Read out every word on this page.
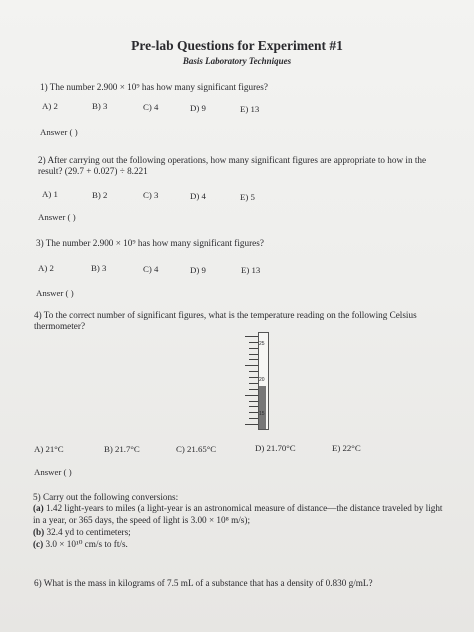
Pre-lab Questions for Experiment #1
Basis Laboratory Techniques
1) The number 2.900 × 10⁹ has how many significant figures?
A) 2	B) 3	C) 4	D) 9	E) 13
Answer ( )
2) After carrying out the following operations, how many significant figures are appropriate to how in the
result? (29.7 + 0.027) ÷ 8.221
A) 1	B) 2	C) 3	D) 4	E) 5
Answer ( )
3) The number 2.900 × 10⁹ has how many significant figures?
A) 2	B) 3	C) 4	D) 9	E) 13
Answer ( )
4) To the correct number of significant figures, what is the temperature reading on the following Celsius
thermometer?
25
20
15
A) 21°C	B) 21.7°C	C) 21.65°C	D) 21.70°C	E) 22°C
Answer ( )
5) Carry out the following conversions:
(a) 1.42 light-years to miles (a light-year is an astronomical measure of distance—the distance traveled by light
in a year, or 365 days, the speed of light is 3.00 × 10⁸ m/s);
(b) 32.4 yd to centimeters;
(c) 3.0 × 10¹⁰ cm/s to ft/s.
6) What is the mass in kilograms of 7.5 mL of a substance that has a density of 0.830 g/mL?
